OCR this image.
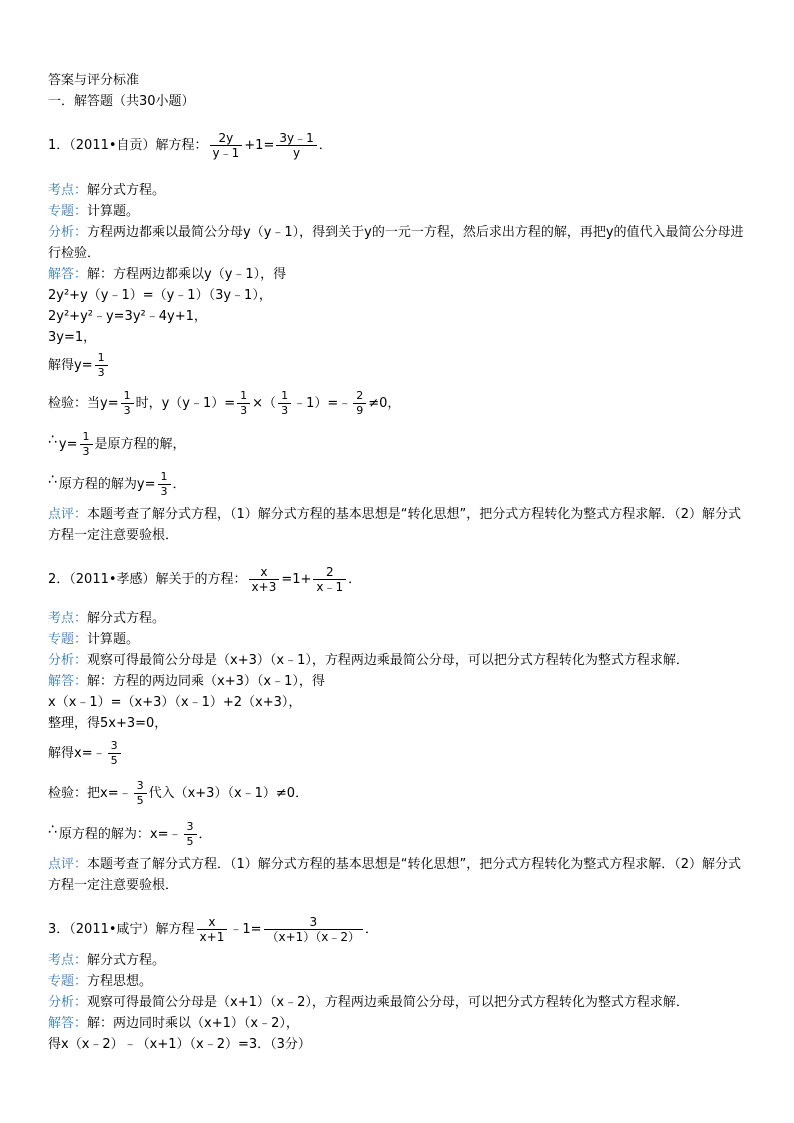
答案与评分标准
一．解答题（共30小题）
1．（2011•自贡）解方程： $\frac{2y}{y﹣1} +1= \frac{3y﹣1}{y}$ ．
考点：解分式方程。
专题：计算题。
分析：方程两边都乘以最简公分母y（y﹣1），得到关于y的一元一方程，然后求出方程的解，再把y的值代入最简公分母进行检验．
解答：解：方程两边都乘以y（y﹣1），得
2y²+y（y﹣1）=（y﹣1）（3y﹣1），
2y²+y²﹣y=3y²﹣4y+1，
3y=1，
解得$y= \frac{1}{3}$
检验：当$y= \frac{1}{3}$ 时，y（y﹣1）= $\frac{1}{3}$ ×（ $\frac{1}{3}$ ﹣1）=﹣ $\frac{2}{9} \ne 0$，
∴ $y= \frac{1}{3}$ 是原方程的解，
∴ 原方程的解为$y= \frac{1}{3}$ ．
点评：本题考查了解分式方程，（1）解分式方程的基本思想是“转化思想”，把分式方程转化为整式方程求解．（2）解分式方程一定注意要验根．
2．（2011•孝感）解关于的方程： $\frac{x}{x+3} =1+ \frac{2}{x﹣1}$ ．
考点：解分式方程。
专题：计算题。
分析：观察可得最简公分母是（x+3）（x﹣1），方程两边乘最简公分母，可以把分式方程转化为整式方程求解．
解答：解：方程的两边同乘（x+3）（x﹣1），得
x（x﹣1）=（x+3）（x﹣1）+2（x+3），
整理，得5x+3=0，
解得x=﹣ $\frac{3}{5}$
检验：把x=﹣ $\frac{3}{5}$ 代入（x+3）（x﹣1）≠0．
∴ 原方程的解为：x=﹣ $\frac{3}{5}$ ．
点评：本题考查了解分式方程．（1）解分式方程的基本思想是“转化思想”，把分式方程转化为整式方程求解．（2）解分式方程一定注意要验根．
3．（2011•咸宁）解方程 $\frac{x}{x+1}$ ﹣1= $\frac{3}{(x+1)(x﹣2)}$ ．
考点：解分式方程。
专题：方程思想。
分析：观察可得最简公分母是（x+1）（x﹣2），方程两边乘最简公分母，可以把分式方程转化为整式方程求解．
解答：解：两边同时乘以（x+1）（x﹣2），
得x（x﹣2）﹣（x+1）（x﹣2）=3．（3分）
